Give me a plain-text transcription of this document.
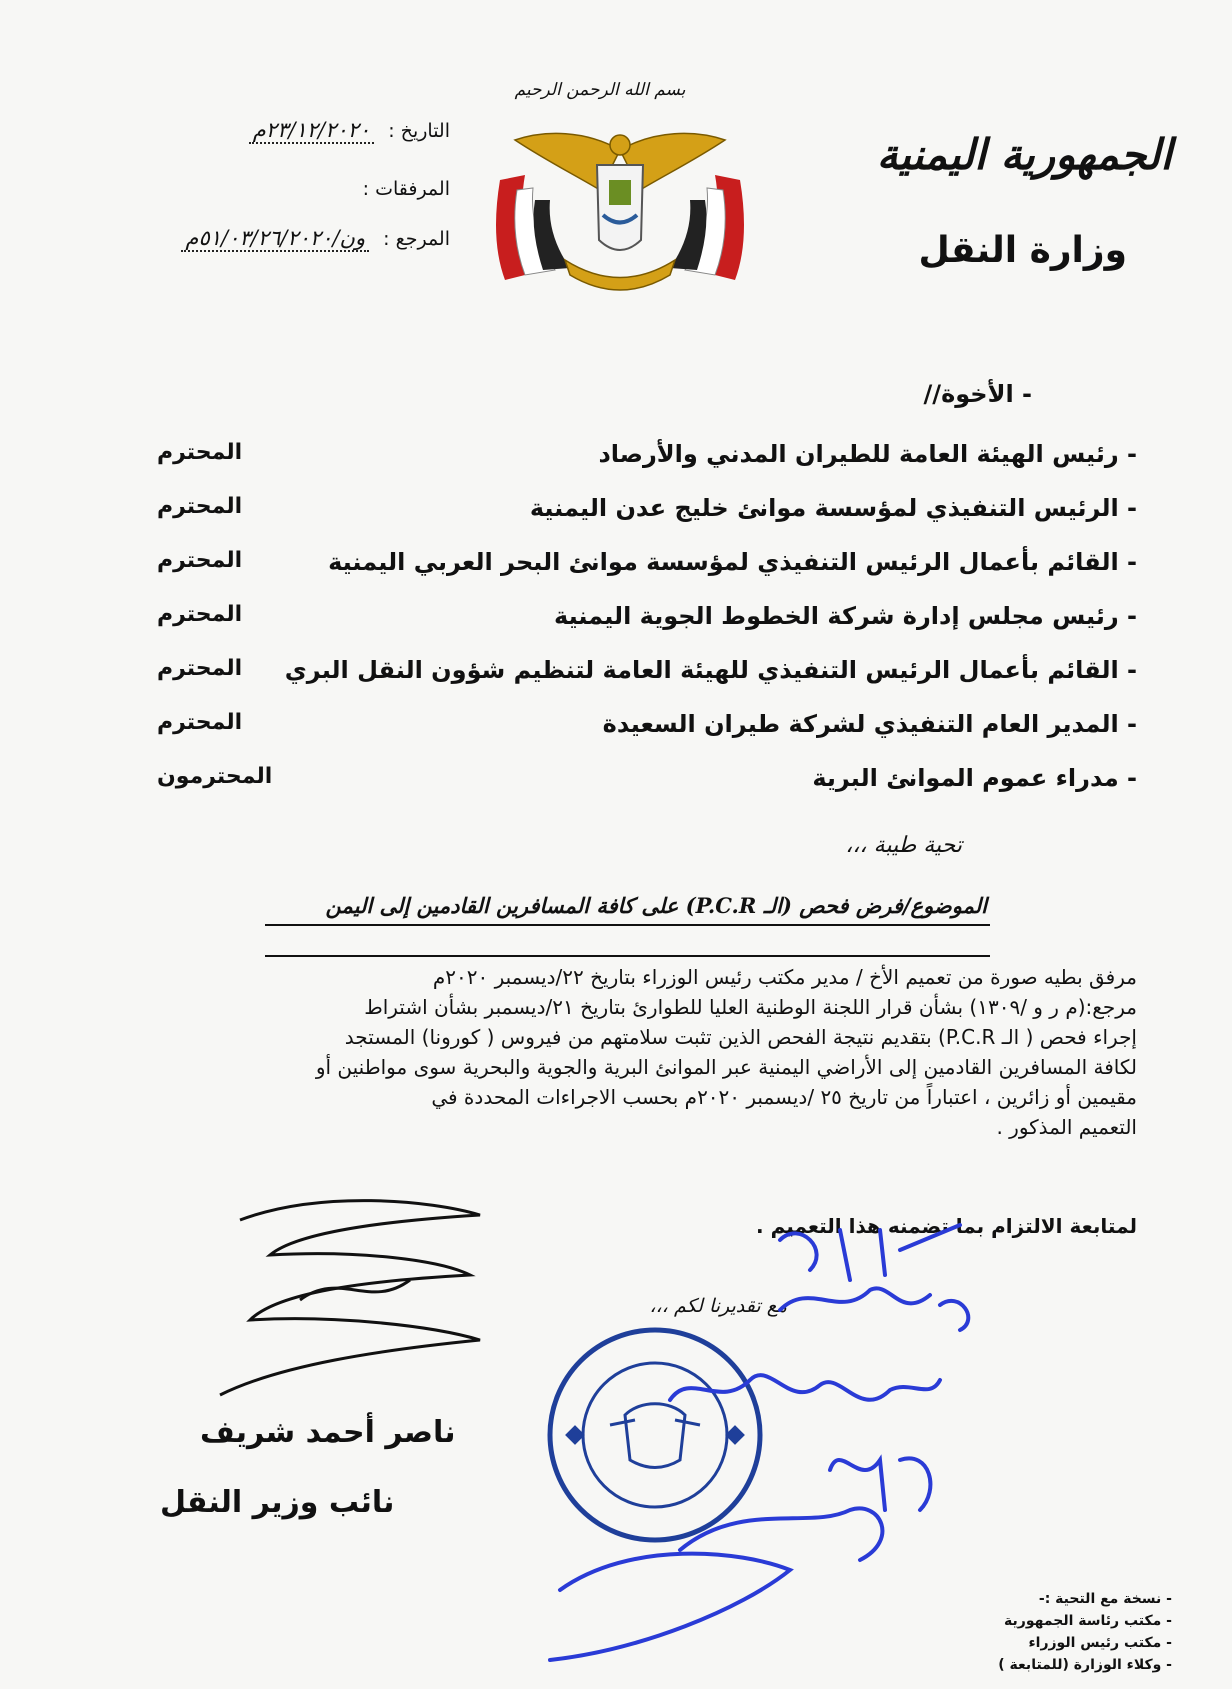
بسم الله الرحمن الرحيم
الجمهورية اليمنية
وزارة النقل
التاريخ : ٢٣/١٢/٢٠٢٠م
المرفقات :
المرجع : ون/٥١/٠٣/٢٦/٢٠٢٠م
- الأخوة//
- رئيس الهيئة العامة للطيران المدني والأرصاد
المحترم
- الرئيس التنفيذي لمؤسسة موانئ خليج عدن اليمنية
المحترم
- القائم بأعمال الرئيس التنفيذي لمؤسسة موانئ البحر العربي اليمنية
المحترم
- رئيس مجلس إدارة شركة الخطوط الجوية اليمنية
المحترم
- القائم بأعمال الرئيس التنفيذي للهيئة العامة لتنظيم شؤون النقل البري
المحترم
- المدير العام التنفيذي لشركة طيران السعيدة
المحترم
- مدراء عموم الموانئ البرية
المحترمون
تحية طيبة ،،،
الموضوع/فرض فحص (الـ P.C.R) على كافة المسافرين القادمين إلى اليمن

مرفق بطيه صورة من تعميم الأخ / مدير مكتب رئيس الوزراء بتاريخ ٢٢/ديسمبر ٢٠٢٠م

مرجع:(م ر و /١٣٠٩) بشأن قرار اللجنة الوطنية العليا للطوارئ بتاريخ ٢١/ديسمبر بشأن اشتراط

إجراء فحص ( الـ P.C.R) بتقديم نتيجة الفحص الذين تثبت سلامتهم من فيروس ( كورونا) المستجد

لكافة المسافرين القادمين إلى الأراضي اليمنية عبر الموانئ البرية والجوية والبحرية سوى مواطنين أو

مقيمين أو زائرين ، اعتباراً من تاريخ ٢٥ /ديسمبر ٢٠٢٠م بحسب الاجراءات المحددة في

التعميم المذكور .

لمتابعة الالتزام بما تضمنه هذا التعميم .
مع تقديرنا لكم ،،،
ناصر أحمد شريف
نائب وزير النقل
- نسخة مع التحية :-
- مكتب رئاسة الجمهورية
- مكتب رئيس الوزراء
- وكلاء الوزارة (للمتابعة )
